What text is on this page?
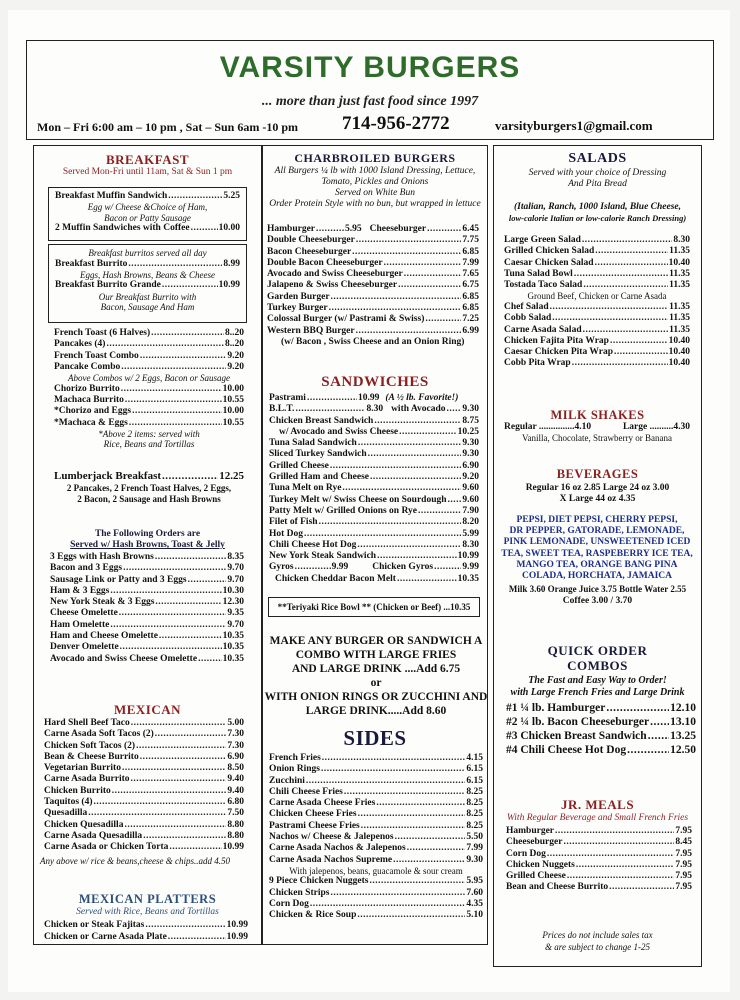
VARSITY BURGERS
... more than just fast food since 1997
Mon – Fri 6:00 am – 10 pm , Sat – Sun 6am -10 pm 714-956-2772	varsityburgers1@gmail.com
BREAKFAST
Served Mon-Fri until 11am, Sat & Sun 1 pm
Breakfast Muffin Sandwich .....	5.25
Egg w/ Cheese &Choice of Ham,
Bacon or Patty Sausage
2 Muffin Sandwiches with Coffee .....	10.00
Breakfast burritos served all day
Breakfast Burrito .....	8.99
Eggs, Hash Browns, Beans & Cheese
Breakfast Burrito Grande .....	10.99
Our Breakfast Burrito with
Bacon, Sausage And Ham
French Toast (6 Halves) .....	8..20
Pancakes (4) .....	8..20
French Toast Combo .....	9.20
Pancake Combo .....	9.20
Above Combos w/ 2 Eggs, Bacon or Sausage
Chorizo Burrito .....	10.00
Machaca Burrito .....	10.55
*Chorizo and Eggs .....	10.00
*Machaca & Eggs .....	10.55
*Above 2 items: served with
Rice, Beans and Tortillas
Lumberjack Breakfast .....	12.25
2 Pancakes, 2 French Toast Halves, 2 Eggs,
2 Bacon, 2 Sausage and Hash Browns
The Following Orders are
Served w/ Hash Browns, Toast & Jelly
3 Eggs with Hash Browns .....	8.35
Bacon and 3 Eggs .....	9.70
Sausage Link or Patty and 3 Eggs .....	9.70
Ham & 3 Eggs .....	10.30
New York Steak & 3 Eggs .....	12.30
Cheese Omelette .....	9.35
Ham Omelette .....	9.70
Ham and Cheese Omelette .....	10.35
Denver Omelette .....	10.35
Avocado and Swiss Cheese Omelette .....	10.35
MEXICAN
Hard Shell Beef Taco .....	5.00
Carne Asada Soft Tacos (2) .....	7.30
Chicken Soft Tacos (2) .....	7.30
Bean & Cheese Burrito .....	6.90
Vegetarian Burrito .....	8.50
Carne Asada Burrito .....	9.40
Chicken Burrito .....	9.40
Taquitos (4) .....	6.80
Quesadilla .....	7.50
Chicken Quesadilla .....	8.80
Carne Asada Quesadilla .....	8.80
Carne Asada or Chicken Torta .....	10.99
Any above w/ rice & beans,cheese & chips..add 4.50
MEXICAN PLATTERS
Served with Rice, Beans and Tortillas
Chicken or Steak Fajitas .....	10.99
Chicken or Carne Asada Plate .....	10.99
CHARBROILED BURGERS
All Burgers ¼ lb with 1000 Island Dressing, Lettuce,
Tomato, Pickles and Onions
Served on White Bun
Order Protein Style with no bun, but wrapped in lettuce
Hamburger .....	5.95 Cheeseburger .....	6.45
Double Cheeseburger .....	7.75
Bacon Cheeseburger .....	6.85
Double Bacon Cheeseburger .....	7.99
Avocado and Swiss Cheeseburger .....	7.65
Jalapeno & Swiss Cheeseburger .....	6.75
Garden Burger .....	6.85
Turkey Burger .....	6.85
Colossal Burger (w/ Pastrami & Swiss) .....	7.25
Western BBQ Burger .....	6.99
(w/ Bacon , Swiss Cheese and an Onion Ring)
SANDWICHES
Pastrami .....	10.99 (A ½ lb. Favorite!)
B.L.T. .....	8.30 with Avocado ..... 9.30
Chicken Breast Sandwich .....	8.75
w/ Avocado and Swiss Cheese .....	10.25
Tuna Salad Sandwich .....	9.30
Sliced Turkey Sandwich .....	9.30
Grilled Cheese .....	6.90
Grilled Ham and Cheese .....	9.20
Tuna Melt on Rye .....	9.60
Turkey Melt w/ Swiss Cheese on Sourdough ..... 9.60
Patty Melt w/ Grilled Onions on Rye .....	7.90
Filet of Fish .....	8.20
Hot Dog .....	5.99
Chili Cheese Hot Dog .....	8.30
New York Steak Sandwich .....	10.99
Gyros .....	9.99	Chicken Gyros .....	9.99
Chicken Cheddar Bacon Melt .....	10.35
**Teriyaki Rice Bowl ** (Chicken or Beef) ...10.35
MAKE ANY BURGER OR SANDWICH A
COMBO WITH LARGE FRIES
AND LARGE DRINK ....Add 6.75
or
WITH ONION RINGS OR ZUCCHINI AND
LARGE DRINK.....Add 8.60
SIDES
French Fries .....	4.15
Onion Rings .....	6.15
Zucchini .....	6.15
Chili Cheese Fries .....	8.25
Carne Asada Cheese Fries .....	8.25
Chicken Cheese Fries .....	8.25
Pastrami Cheese Fries .....	8.25
Nachos w/ Cheese & Jalepenos .....	5.50
Carne Asada Nachos & Jalepenos .....	7.99
Carne Asada Nachos Supreme .....	9.30
With jalepenos, beans, guacamole & sour cream
9 Piece Chicken Nuggets .....	5.95
Chicken Strips .....	7.60
Corn Dog .....	4.35
Chicken & Rice Soup .....	5.10
SALADS
Served with your choice of Dressing
And Pita Bread
(Italian, Ranch, 1000 Island, Blue Cheese,
low-calorie Italian or low-calorie Ranch Dressing)
Large Green Salad .....	8.30
Grilled Chicken Salad .....	11.35
Caesar Chicken Salad .....	10.40
Tuna Salad Bowl .....	11.35
Tostada Taco Salad .....	11.35
Ground Beef, Chicken or Carne Asada
Chef Salad .....	11.35
Cobb Salad .....	11.35
Carne Asada Salad .....	11.35
Chicken Fajita Pita Wrap .....	10.40
Caesar Chicken Pita Wrap .....	10.40
Cobb Pita Wrap .....	10.40
MILK SHAKES
Regular ...............4.10	Large ..........4.30
Vanilla, Chocolate, Strawberry or Banana
BEVERAGES
Regular 16 oz 2.85 Large 24 oz 3.00
X Large 44 oz 4.35
PEPSI, DIET PEPSI, CHERRY PEPSI,
DR PEPPER, GATORADE, LEMONADE,
PINK LEMONADE, UNSWEETENED ICED
TEA, SWEET TEA, RASPEBERRY ICE TEA,
MANGO TEA, ORANGE BANG PINA
COLADA, HORCHATA, JAMAICA
Milk 3.60 Orange Juice 3.75 Bottle Water 2.55
Coffee 3.00 / 3.70
QUICK ORDER
COMBOS
The Fast and Easy Way to Order!
with Large French Fries and Large Drink
#1 ¼ lb. Hamburger .....	12.10
#2 ¼ lb. Bacon Cheeseburger ..... 13.10
#3 Chicken Breast Sandwich ..... 13.25
#4 Chili Cheese Hot Dog .....	12.50
JR. MEALS
With Regular Beverage and Small French Fries
Hamburger .....	7.95
Cheeseburger .....	8.45
Corn Dog .....	7.95
Chicken Nuggets .....	7.95
Grilled Cheese .....	7.95
Bean and Cheese Burrito .....	7.95
Prices do not include sales tax
& are subject to change 1-25
